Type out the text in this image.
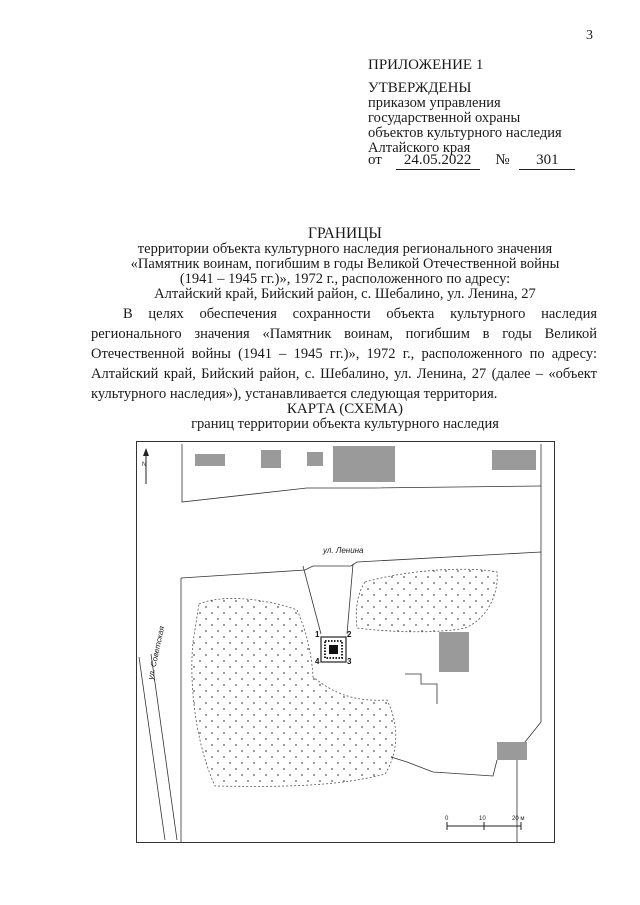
3
ПРИЛОЖЕНИЕ 1
УТВЕРЖДЕНЫ
приказом управления
государственной охраны
объектов культурного наследия
Алтайского края
от 24.05.2022 № 301
ГРАНИЦЫ
территории объекта культурного наследия регионального значения
«Памятник воинам, погибшим в годы Великой Отечественной войны
(1941 – 1945 гг.)», 1972 г., расположенного по адресу:
Алтайский край, Бийский район, с. Шебалино, ул. Ленина, 27

В целях обеспечения сохранности объекта культурного наследия регионального значения «Памятник воинам, погибшим в годы Великой Отечественной войны (1941 – 1945 гг.)», 1972 г., расположенного по адресу: Алтайский край, Бийский район, с. Шебалино, ул. Ленина, 27 (далее – «объект культурного наследия»), устанавливается следующая территория.

КАРТА (СХЕМА)
границ территории объекта культурного наследия
ул. Ленина
ул. Советская
N
1	2
3
4
0	10	20 м
